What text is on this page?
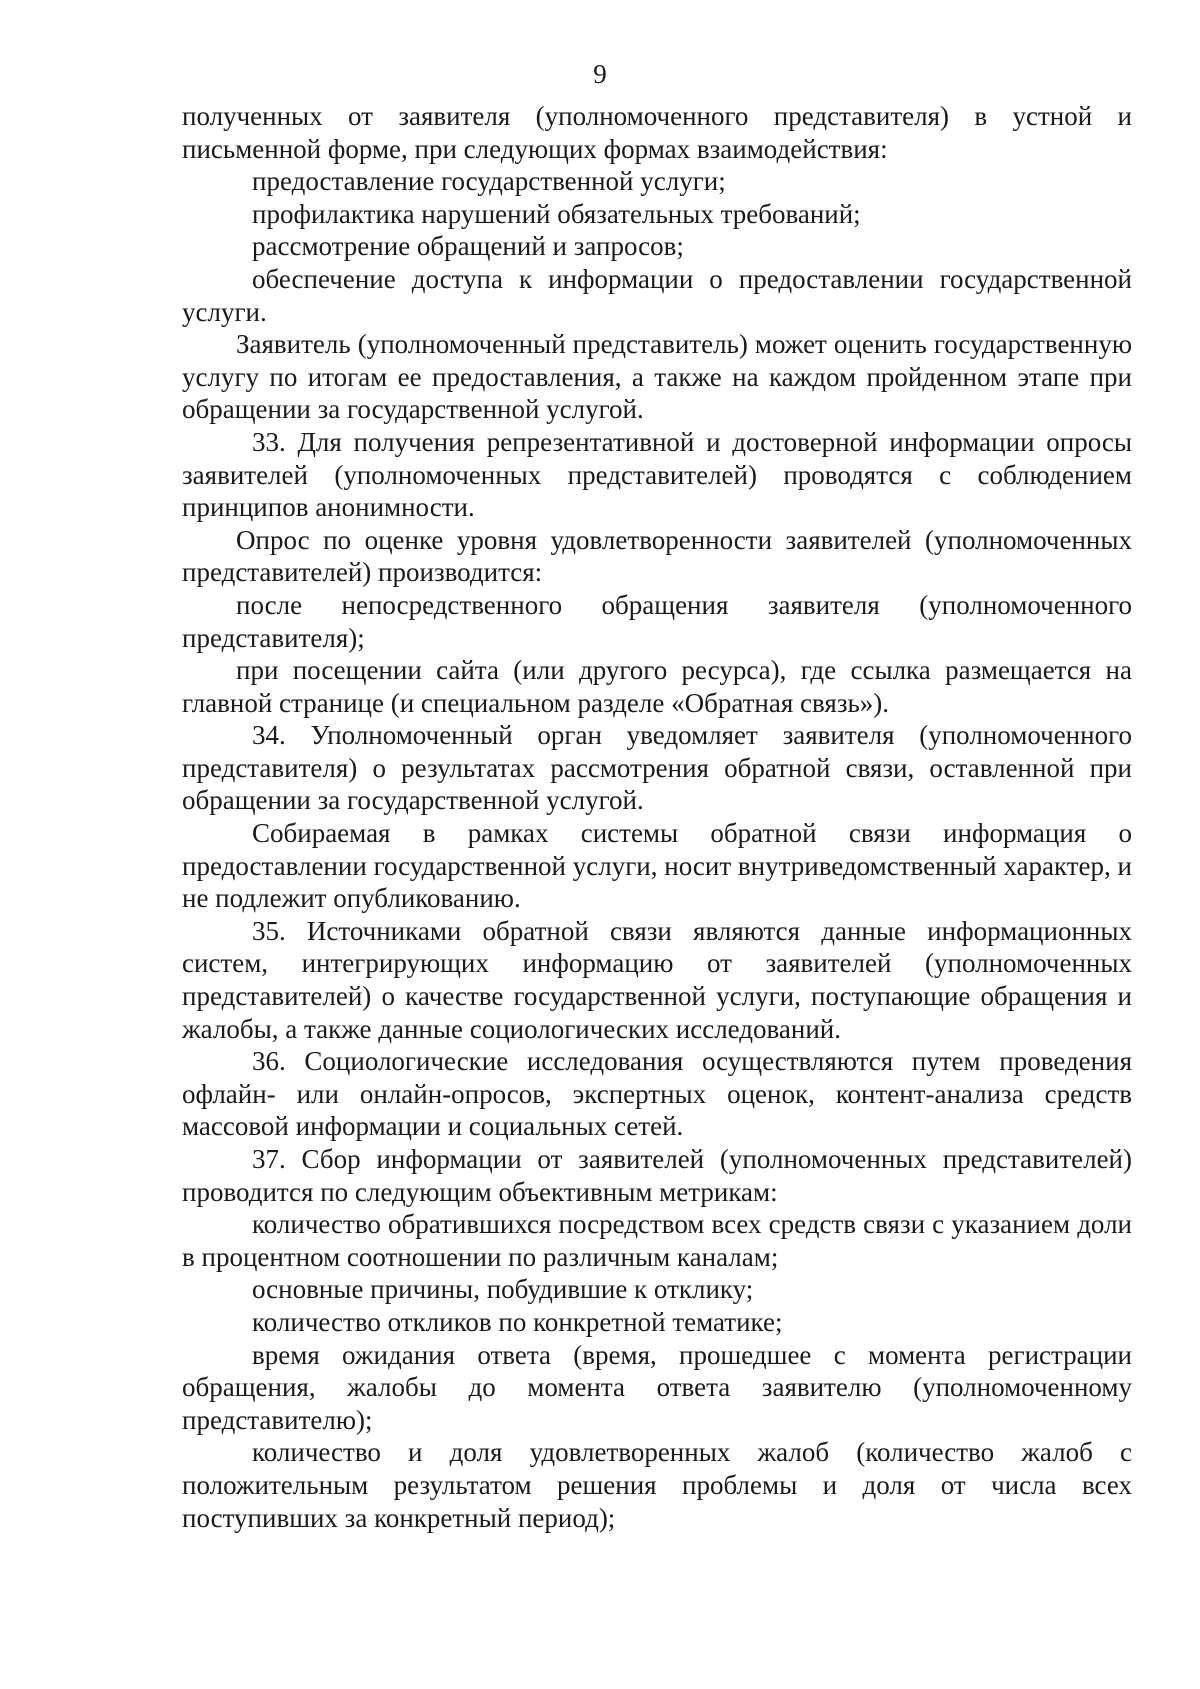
9

полученных от заявителя (уполномоченного представителя) в устной и письменной форме, при следующих формах взаимодействия:

предоставление государственной услуги;

профилактика нарушений обязательных требований;

рассмотрение обращений и запросов;

обеспечение доступа к информации о предоставлении государственной услуги.

Заявитель (уполномоченный представитель) может оценить государственную услугу по итогам ее предоставления, а также на каждом пройденном этапе при обращении за государственной услугой.

33. Для получения репрезентативной и достоверной информации опросы заявителей (уполномоченных представителей) проводятся с соблюдением принципов анонимности.

Опрос по оценке уровня удовлетворенности заявителей (уполномоченных представителей) производится:

после непосредственного обращения заявителя (уполномоченного представителя);

при посещении сайта (или другого ресурса), где ссылка размещается на главной странице (и специальном разделе «Обратная связь»).

34. Уполномоченный орган уведомляет заявителя (уполномоченного представителя) о результатах рассмотрения обратной связи, оставленной при обращении за государственной услугой.

Собираемая в рамках системы обратной связи информация о предоставлении государственной услуги, носит внутриведомственный характер, и не подлежит опубликованию.

35. Источниками обратной связи являются данные информационных систем, интегрирующих информацию от заявителей (уполномоченных представителей) о качестве государственной услуги, поступающие обращения и жалобы, а также данные социологических исследований.

36. Социологические исследования осуществляются путем проведения офлайн- или онлайн-опросов, экспертных оценок, контент-анализа средств массовой информации и социальных сетей.

37. Сбор информации от заявителей (уполномоченных представителей) проводится по следующим объективным метрикам:

количество обратившихся посредством всех средств связи с указанием доли в процентном соотношении по различным каналам;

основные причины, побудившие к отклику;

количество откликов по конкретной тематике;

время ожидания ответа (время, прошедшее с момента регистрации обращения, жалобы до момента ответа заявителю (уполномоченному представителю);

количество и доля удовлетворенных жалоб (количество жалоб с положительным результатом решения проблемы и доля от числа всех поступивших за конкретный период);
